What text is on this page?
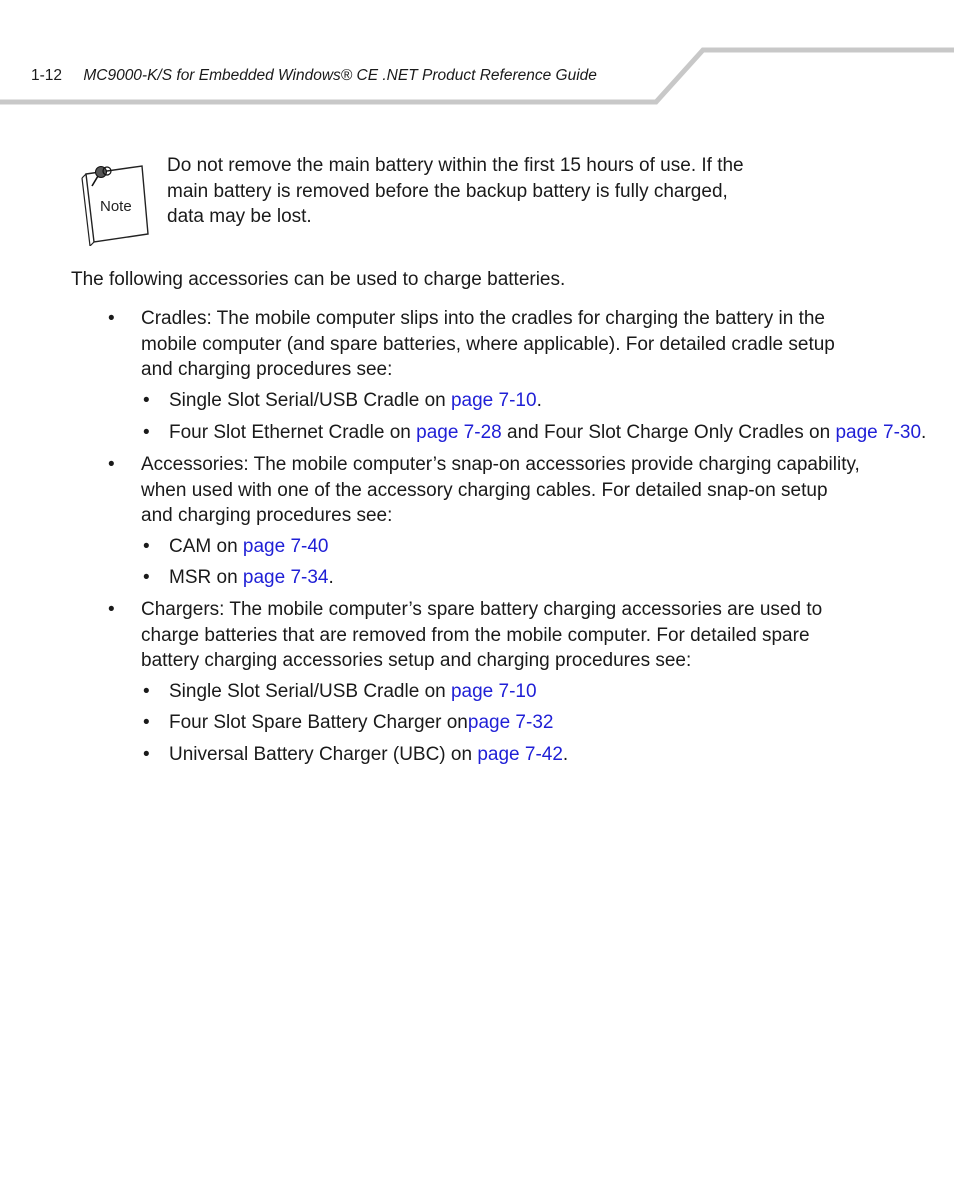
1-12 MC9000-K/S for Embedded Windows® CE .NET Product Reference Guide
Note
Do not remove the main battery within the first 15 hours of use. If the main battery is removed before the backup battery is fully charged, data may be lost.
The following accessories can be used to charge batteries.
• Cradles: The mobile computer slips into the cradles for charging the battery in the mobile computer (and spare batteries, where applicable). For detailed cradle setup and charging procedures see:
• Single Slot Serial/USB Cradle on page 7-10.
• Four Slot Ethernet Cradle on page 7-28 and Four Slot Charge Only Cradles on page 7-30.
• Accessories: The mobile computer’s snap-on accessories provide charging capability, when used with one of the accessory charging cables. For detailed snap-on setup and charging procedures see:
• CAM on page 7-40
• MSR on page 7-34.
• Chargers: The mobile computer’s spare battery charging accessories are used to charge batteries that are removed from the mobile computer. For detailed spare battery charging accessories setup and charging procedures see:
• Single Slot Serial/USB Cradle on page 7-10
• Four Slot Spare Battery Charger onpage 7-32
• Universal Battery Charger (UBC) on page 7-42.
